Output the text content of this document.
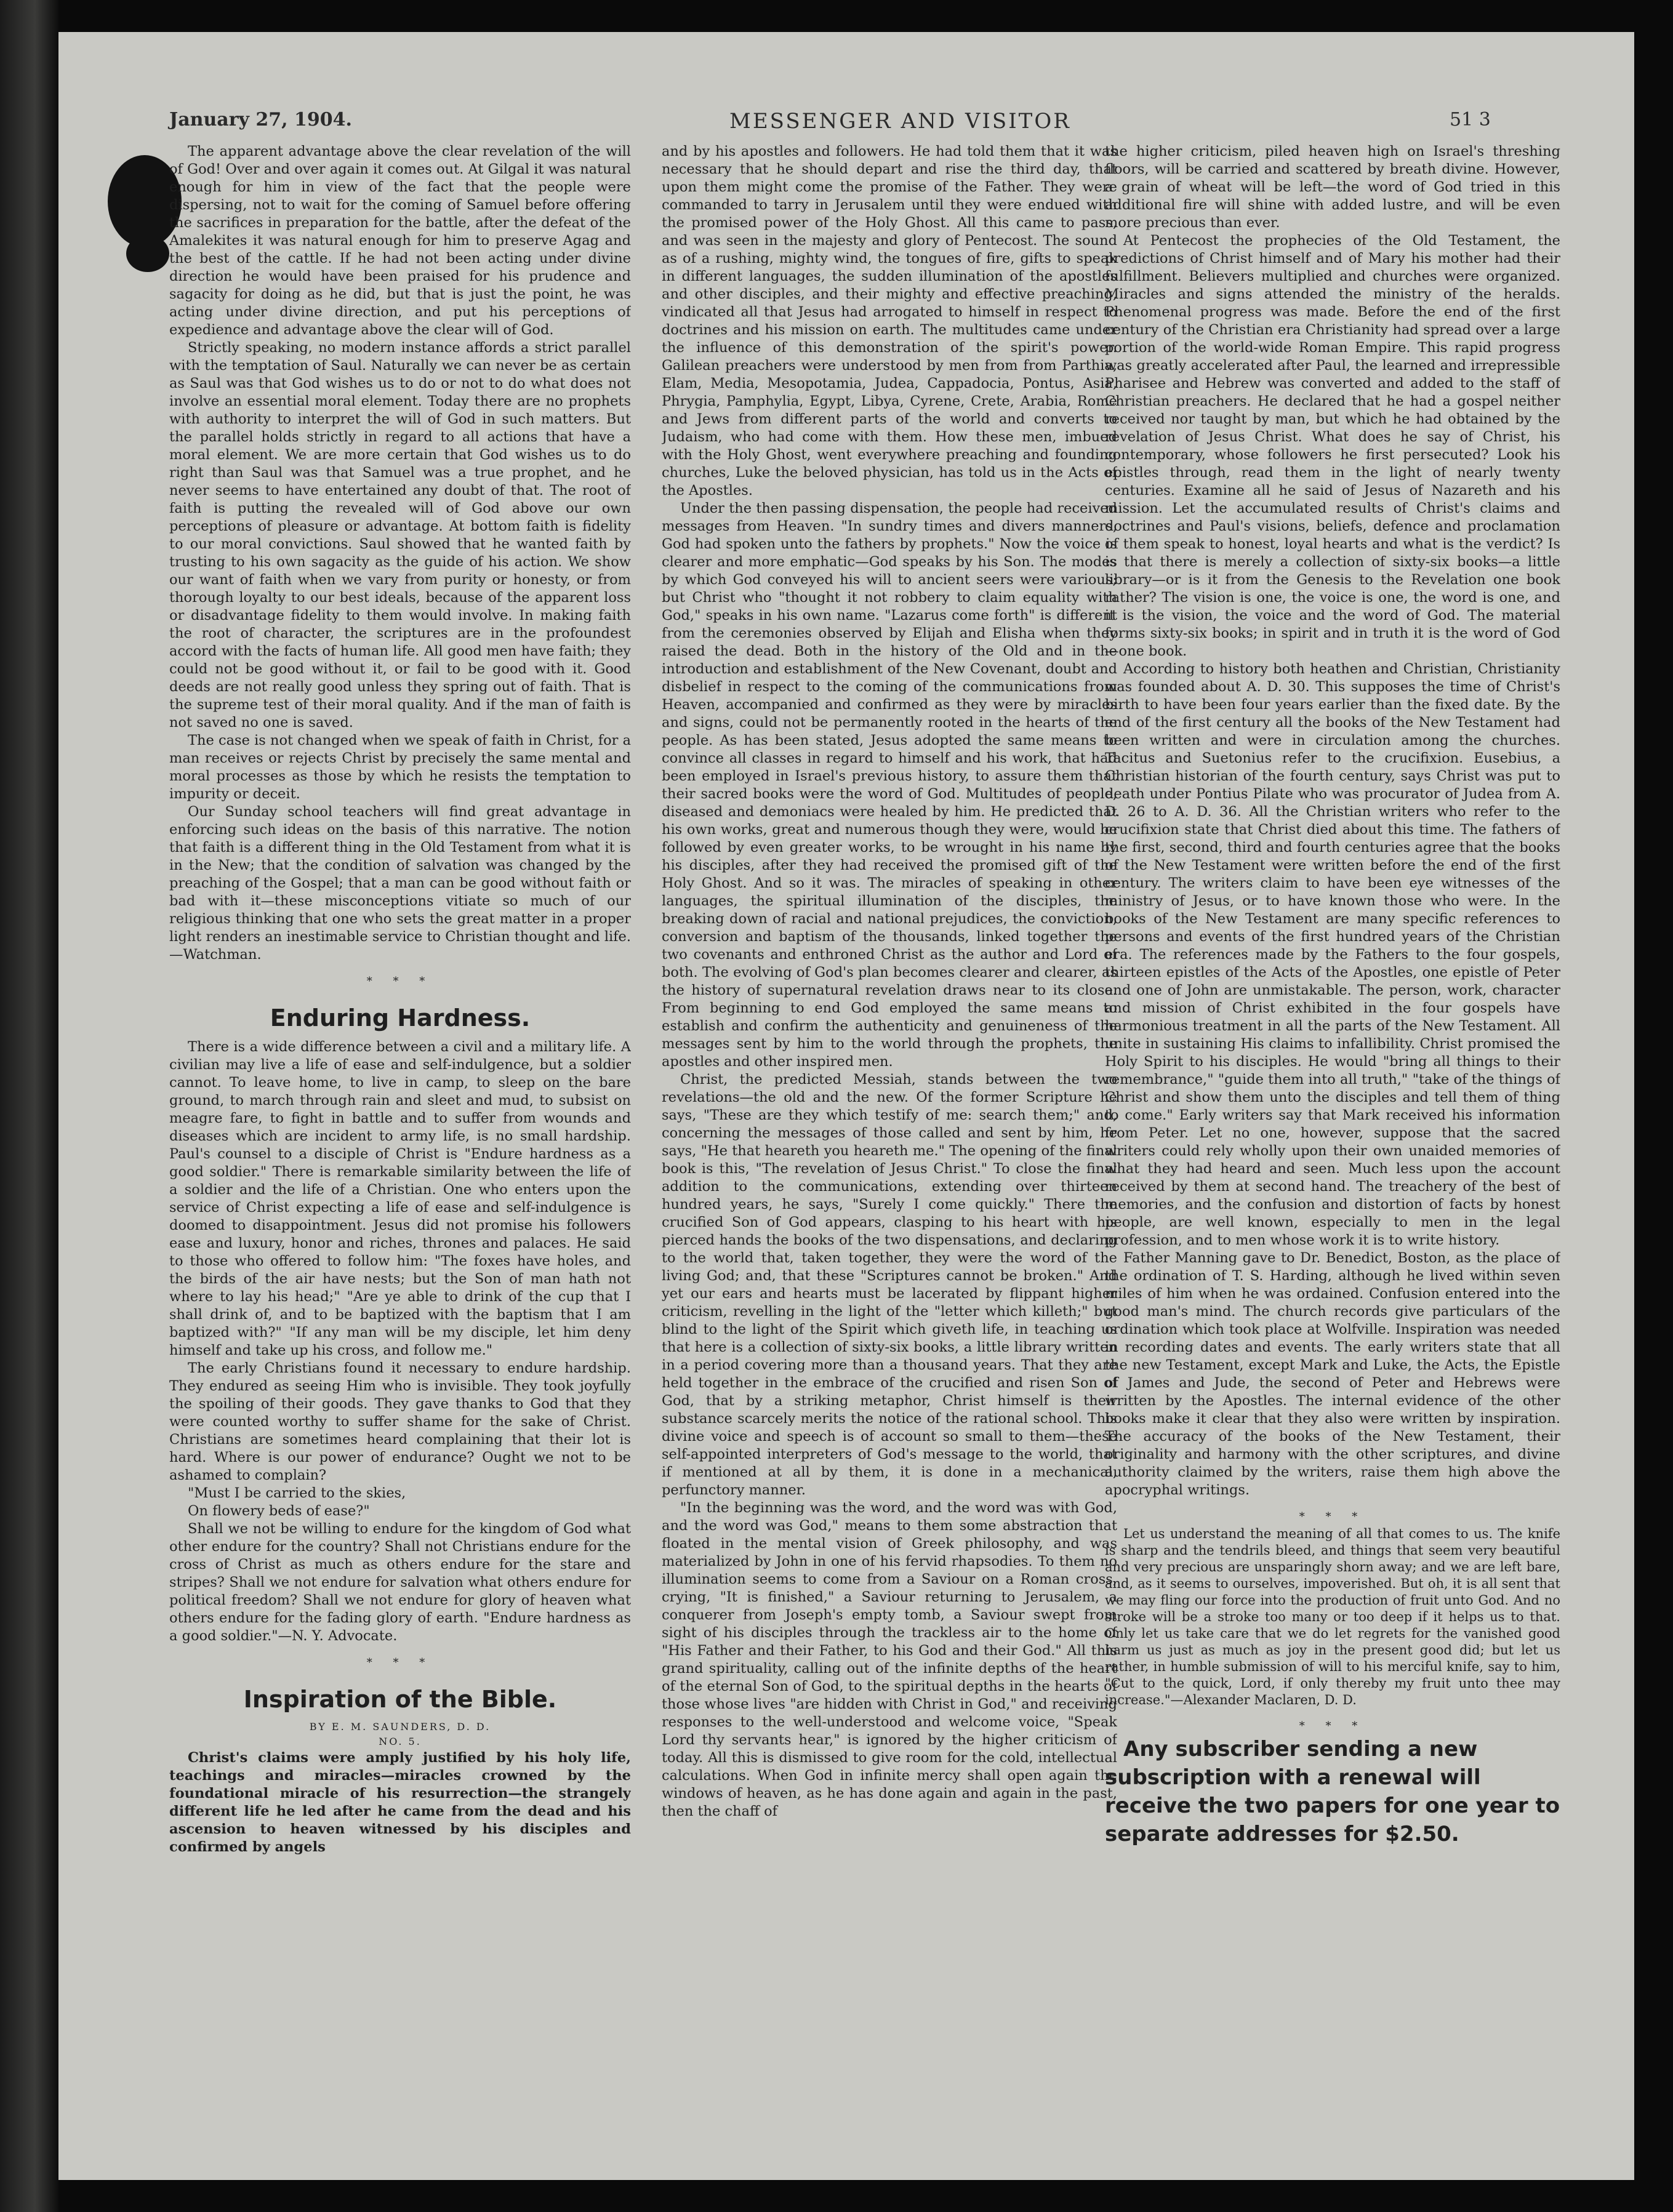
January 27, 1904.	MESSENGER AND VISITOR	51 3

The apparent advantage above the clear revelation of the will of God! Over and over again it comes out. At Gilgal it was natural enough for him in view of the fact that the people were dispersing, not to wait for the coming of Samuel before offering the sacrifices in preparation for the battle, after the defeat of the Amalekites it was natural enough for him to preserve Agag and the best of the cattle. If he had not been acting under divine direction he would have been praised for his prudence and sagacity for doing as he did, but that is just the point, he was acting under divine direction, and put his perceptions of expedience and advantage above the clear will of God.

Strictly speaking, no modern instance affords a strict parallel with the temptation of Saul. Naturally we can never be as certain as Saul was that God wishes us to do or not to do what does not involve an essential moral element. Today there are no prophets with authority to interpret the will of God in such matters. But the parallel holds strictly in regard to all actions that have a moral element. We are more certain that God wishes us to do right than Saul was that Samuel was a true prophet, and he never seems to have entertained any doubt of that. The root of faith is putting the revealed will of God above our own perceptions of pleasure or advantage. At bottom faith is fidelity to our moral convictions. Saul showed that he wanted faith by trusting to his own sagacity as the guide of his action. We show our want of faith when we vary from purity or honesty, or from thorough loyalty to our best ideals, because of the apparent loss or disadvantage fidelity to them would involve. In making faith the root of character, the scriptures are in the profoundest accord with the facts of human life. All good men have faith; they could not be good without it, or fail to be good with it. Good deeds are not really good unless they spring out of faith. That is the supreme test of their moral quality. And if the man of faith is not saved no one is saved.

The case is not changed when we speak of faith in Christ, for a man receives or rejects Christ by precisely the same mental and moral processes as those by which he resists the temptation to impurity or deceit.

Our Sunday school teachers will find great advantage in enforcing such ideas on the basis of this narrative. The notion that faith is a different thing in the Old Testament from what it is in the New; that the condition of salvation was changed by the preaching of the Gospel; that a man can be good without faith or bad with it—these misconceptions vitiate so much of our religious thinking that one who sets the great matter in a proper light renders an inestimable service to Christian thought and life.—Watchman.

* * *
Enduring Hardness.

There is a wide difference between a civil and a military life. A civilian may live a life of ease and self-indulgence, but a soldier cannot. To leave home, to live in camp, to sleep on the bare ground, to march through rain and sleet and mud, to subsist on meagre fare, to fight in battle and to suffer from wounds and diseases which are incident to army life, is no small hardship. Paul's counsel to a disciple of Christ is "Endure hardness as a good soldier." There is remarkable similarity between the life of a soldier and the life of a Christian. One who enters upon the service of Christ expecting a life of ease and self-indulgence is doomed to disappointment. Jesus did not promise his followers ease and luxury, honor and riches, thrones and palaces. He said to those who offered to follow him: "The foxes have holes, and the birds of the air have nests; but the Son of man hath not where to lay his head;" "Are ye able to drink of the cup that I shall drink of, and to be baptized with the baptism that I am baptized with?" "If any man will be my disciple, let him deny himself and take up his cross, and follow me."

The early Christians found it necessary to endure hardship. They endured as seeing Him who is invisible. They took joyfully the spoiling of their goods. They gave thanks to God that they were counted worthy to suffer shame for the sake of Christ. Christians are sometimes heard complaining that their lot is hard. Where is our power of endurance? Ought we not to be ashamed to complain?

"Must I be carried to the skies,

On flowery beds of ease?"

Shall we not be willing to endure for the kingdom of God what other endure for the country? Shall not Christians endure for the cross of Christ as much as others endure for the stare and stripes? Shall we not endure for salvation what others endure for political freedom? Shall we not endure for glory of heaven what others endure for the fading glory of earth. "Endure hardness as a good soldier."—N. Y. Advocate.

* * *
Inspiration of the Bible.
BY E. M. SAUNDERS, D. D.
NO. 5.

Christ's claims were amply justified by his holy life, teachings and miracles—miracles crowned by the foundational miracle of his resurrection—the strangely different life he led after he came from the dead and his ascension to heaven witnessed by his disciples and confirmed by angels

and by his apostles and followers. He had told them that it was necessary that he should depart and rise the third day, that upon them might come the promise of the Father. They were commanded to tarry in Jerusalem until they were endued with the promised power of the Holy Ghost. All this came to pass, and was seen in the majesty and glory of Pentecost. The sound as of a rushing, mighty wind, the tongues of fire, gifts to speak in different languages, the sudden illumination of the apostles and other disciples, and their mighty and effective preaching, vindicated all that Jesus had arrogated to himself in respect to doctrines and his mission on earth. The multitudes came under the influence of this demonstration of the spirit's power. Galilean preachers were understood by men from from Parthia, Elam, Media, Mesopotamia, Judea, Cappadocia, Pontus, Asia, Phrygia, Pamphylia, Egypt, Libya, Cyrene, Crete, Arabia, Rome and Jews from different parts of the world and converts to Judaism, who had come with them. How these men, imbued with the Holy Ghost, went everywhere preaching and founding churches, Luke the beloved physician, has told us in the Acts of the Apostles.

Under the then passing dispensation, the people had received messages from Heaven. "In sundry times and divers manners, God had spoken unto the fathers by prophets." Now the voice is clearer and more emphatic—God speaks by his Son. The modes by which God conveyed his will to ancient seers were various; but Christ who "thought it not robbery to claim equality with God," speaks in his own name. "Lazarus come forth" is different from the ceremonies observed by Elijah and Elisha when they raised the dead. Both in the history of the Old and in the introduction and establishment of the New Covenant, doubt and disbelief in respect to the coming of the communications from Heaven, accompanied and confirmed as they were by miracles and signs, could not be permanently rooted in the hearts of the people. As has been stated, Jesus adopted the same means to convince all classes in regard to himself and his work, that had been employed in Israel's previous history, to assure them that their sacred books were the word of God. Multitudes of people, diseased and demoniacs were healed by him. He predicted that his own works, great and numerous though they were, would be followed by even greater works, to be wrought in his name by his disciples, after they had received the promised gift of the Holy Ghost. And so it was. The miracles of speaking in other languages, the spiritual illumination of the disciples, the breaking down of racial and national prejudices, the conviction, conversion and baptism of the thousands, linked together the two covenants and enthroned Christ as the author and Lord of both. The evolving of God's plan becomes clearer and clearer, as the history of supernatural revelation draws near to its close. From beginning to end God employed the same means to establish and confirm the authenticity and genuineness of the messages sent by him to the world through the prophets, the apostles and other inspired men.

Christ, the predicted Messiah, stands between the two revelations—the old and the new. Of the former Scripture he says, "These are they which testify of me: search them;" and, concerning the messages of those called and sent by him, he says, "He that heareth you heareth me." The opening of the final book is this, "The revelation of Jesus Christ." To close the final addition to the communications, extending over thirteen hundred years, he says, "Surely I come quickly." There the crucified Son of God appears, clasping to his heart with his pierced hands the books of the two dispensations, and declaring to the world that, taken together, they were the word of the living God; and, that these "Scriptures cannot be broken." And yet our ears and hearts must be lacerated by flippant higher criticism, revelling in the light of the "letter which killeth;" but blind to the light of the Spirit which giveth life, in teaching us that here is a collection of sixty-six books, a little library written in a period covering more than a thousand years. That they are held together in the embrace of the crucified and risen Son of God, that by a striking metaphor, Christ himself is their substance scarcely merits the notice of the rational school. This divine voice and speech is of account so small to them—these self-appointed interpreters of God's message to the world, that if mentioned at all by them, it is done in a mechanical, perfunctory manner.

"In the beginning was the word, and the word was with God, and the word was God," means to them some abstraction that floated in the mental vision of Greek philosophy, and was materialized by John in one of his fervid rhapsodies. To them no illumination seems to come from a Saviour on a Roman cross, crying, "It is finished," a Saviour returning to Jerusalem, a conquerer from Joseph's empty tomb, a Saviour swept from sight of his disciples through the trackless air to the home of "His Father and their Father, to his God and their God." All this grand spirituality, calling out of the infinite depths of the heart of the eternal Son of God, to the spiritual depths in the hearts of those whose lives "are hidden with Christ in God," and receiving responses to the well-understood and welcome voice, "Speak Lord thy servants hear," is ignored by the higher criticism of today. All this is dismissed to give room for the cold, intellectual calculations. When God in infinite mercy shall open again the windows of heaven, as he has done again and again in the past, then the chaff of

the higher criticism, piled heaven high on Israel's threshing floors, will be carried and scattered by breath divine. However, a grain of wheat will be left—the word of God tried in this additional fire will shine with added lustre, and will be even more precious than ever.

At Pentecost the prophecies of the Old Testament, the predictions of Christ himself and of Mary his mother had their fulfillment. Believers multiplied and churches were organized. Miracles and signs attended the ministry of the heralds. Phenomenal progress was made. Before the end of the first century of the Christian era Christianity had spread over a large portion of the world-wide Roman Empire. This rapid progress was greatly accelerated after Paul, the learned and irrepressible Pharisee and Hebrew was converted and added to the staff of Christian preachers. He declared that he had a gospel neither received nor taught by man, but which he had obtained by the revelation of Jesus Christ. What does he say of Christ, his contemporary, whose followers he first persecuted? Look his epistles through, read them in the light of nearly twenty centuries. Examine all he said of Jesus of Nazareth and his mission. Let the accumulated results of Christ's claims and doctrines and Paul's visions, beliefs, defence and proclamation of them speak to honest, loyal hearts and what is the verdict? Is is that there is merely a collection of sixty-six books—a little library—or is it from the Genesis to the Revelation one book rather? The vision is one, the voice is one, the word is one, and it is the vision, the voice and the word of God. The material forms sixty-six books; in spirit and in truth it is the word of God—one book.

According to history both heathen and Christian, Christianity was founded about A. D. 30. This supposes the time of Christ's birth to have been four years earlier than the fixed date. By the end of the first century all the books of the New Testament had been written and were in circulation among the churches. Tacitus and Suetonius refer to the crucifixion. Eusebius, a Christian historian of the fourth century, says Christ was put to death under Pontius Pilate who was procurator of Judea from A. D. 26 to A. D. 36. All the Christian writers who refer to the crucifixion state that Christ died about this time. The fathers of the first, second, third and fourth centuries agree that the books of the New Testament were written before the end of the first century. The writers claim to have been eye witnesses of the ministry of Jesus, or to have known those who were. In the books of the New Testament are many specific references to persons and events of the first hundred years of the Christian era. The references made by the Fathers to the four gospels, thirteen epistles of the Acts of the Apostles, one epistle of Peter and one of John are unmistakable. The person, work, character and mission of Christ exhibited in the four gospels have harmonious treatment in all the parts of the New Testament. All unite in sustaining His claims to infallibility. Christ promised the Holy Spirit to his disciples. He would "bring all things to their remembrance," "guide them into all truth," "take of the things of Christ and show them unto the disciples and tell them of thing to come." Early writers say that Mark received his information from Peter. Let no one, however, suppose that the sacred writers could rely wholly upon their own unaided memories of what they had heard and seen. Much less upon the account received by them at second hand. The treachery of the best of memories, and the confusion and distortion of facts by honest people, are well known, especially to men in the legal profession, and to men whose work it is to write history.

Father Manning gave to Dr. Benedict, Boston, as the place of the ordination of T. S. Harding, although he lived within seven miles of him when he was ordained. Confusion entered into the good man's mind. The church records give particulars of the ordination which took place at Wolfville. Inspiration was needed in recording dates and events. The early writers state that all the new Testament, except Mark and Luke, the Acts, the Epistle of James and Jude, the second of Peter and Hebrews were written by the Apostles. The internal evidence of the other books make it clear that they also were written by inspiration. The accuracy of the books of the New Testament, their originality and harmony with the other scriptures, and divine authority claimed by the writers, raise them high above the apocryphal writings.

* * *

Let us understand the meaning of all that comes to us. The knife is sharp and the tendrils bleed, and things that seem very beautiful and very precious are unsparingly shorn away; and we are left bare, and, as it seems to ourselves, impoverished. But oh, it is all sent that we may fling our force into the production of fruit unto God. And no stroke will be a stroke too many or too deep if it helps us to that. Only let us take care that we do let regrets for the vanished good harm us just as much as joy in the present good did; but let us rather, in humble submission of will to his merciful knife, say to him, "Cut to the quick, Lord, if only thereby my fruit unto thee may increase."—Alexander Maclaren, D. D.

* * *

Any subscriber sending a new subscription with a renewal will receive the two papers for one year to separate addresses for $2.50.
